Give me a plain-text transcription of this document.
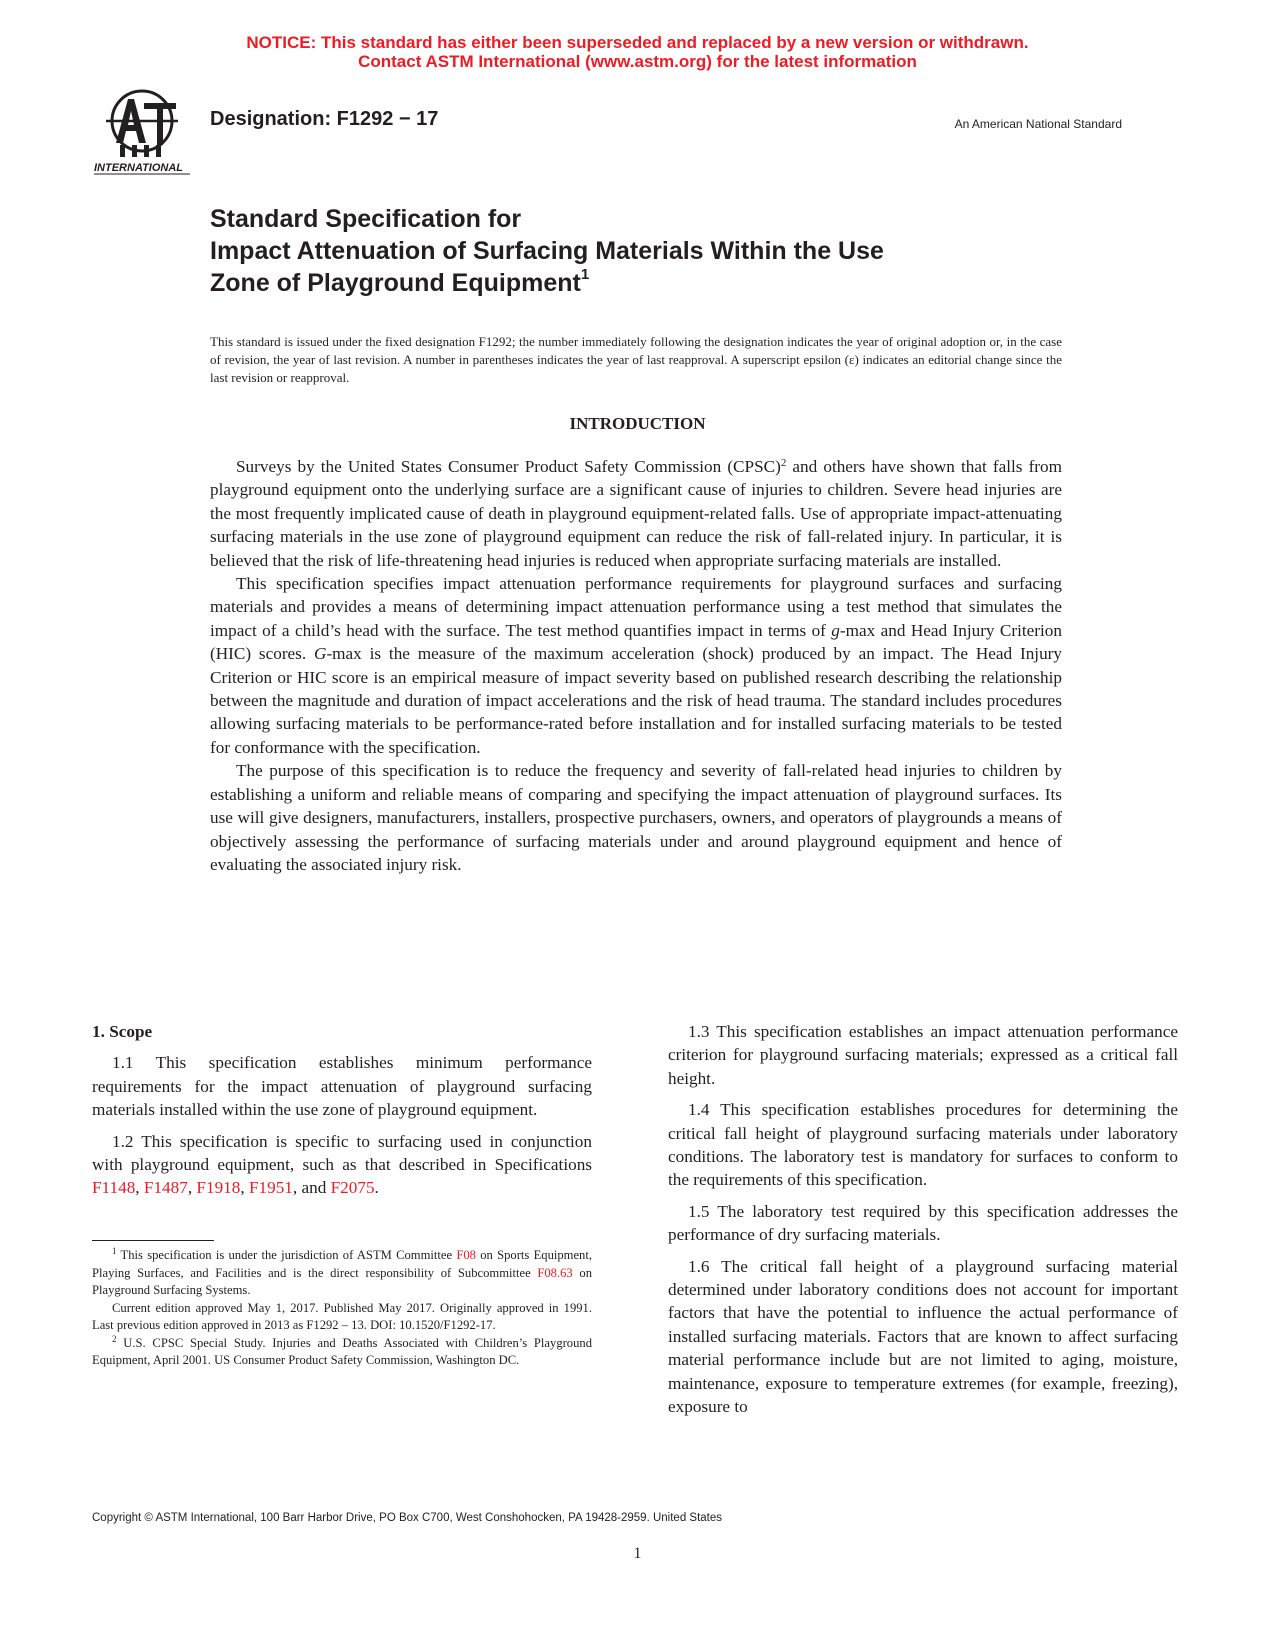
NOTICE: This standard has either been superseded and replaced by a new version or withdrawn.
Contact ASTM International (www.astm.org) for the latest information
INTERNATIONAL
Designation: F1292 − 17	An American National Standard
Standard Specification for
Impact Attenuation of Surfacing Materials Within the Use
Zone of Playground Equipment$^1$
This standard is issued under the fixed designation F1292; the number immediately following the designation indicates the year of original adoption or, in the case of revision, the year of last revision. A number in parentheses indicates the year of last reapproval. A superscript epsilon (ε) indicates an editorial change since the last revision or reapproval.
INTRODUCTION

Surveys by the United States Consumer Product Safety Commission (CPSC)$^2$ and others have shown that falls from playground equipment onto the underlying surface are a significant cause of injuries to children. Severe head injuries are the most frequently implicated cause of death in playground equipment-related falls. Use of appropriate impact-attenuating surfacing materials in the use zone of playground equipment can reduce the risk of fall-related injury. In particular, it is believed that the risk of life-threatening head injuries is reduced when appropriate surfacing materials are installed.

This specification specifies impact attenuation performance requirements for playground surfaces and surfacing materials and provides a means of determining impact attenuation performance using a test method that simulates the impact of a child’s head with the surface. The test method quantifies impact in terms of g-max and Head Injury Criterion (HIC) scores. G-max is the measure of the maximum acceleration (shock) produced by an impact. The Head Injury Criterion or HIC score is an empirical measure of impact severity based on published research describing the relationship between the magnitude and duration of impact accelerations and the risk of head trauma. The standard includes procedures allowing surfacing materials to be performance-rated before installation and for installed surfacing materials to be tested for conformance with the specification.

The purpose of this specification is to reduce the frequency and severity of fall-related head injuries to children by establishing a uniform and reliable means of comparing and specifying the impact attenuation of playground surfaces. Its use will give designers, manufacturers, installers, prospective purchasers, owners, and operators of playgrounds a means of objectively assessing the performance of surfacing materials under and around playground equipment and hence of evaluating the associated injury risk.

1. Scope

1.1 This specification establishes minimum performance requirements for the impact attenuation of playground surfacing materials installed within the use zone of playground equipment.

1.2 This specification is specific to surfacing used in conjunction with playground equipment, such as that described in Specifications F1148, F1487, F1918, F1951, and F2075.

1.3 This specification establishes an impact attenuation performance criterion for playground surfacing materials; expressed as a critical fall height.

1.4 This specification establishes procedures for determining the critical fall height of playground surfacing materials under laboratory conditions. The laboratory test is mandatory for surfaces to conform to the requirements of this specification.

1.5 The laboratory test required by this specification addresses the performance of dry surfacing materials.

1.6 The critical fall height of a playground surfacing material determined under laboratory conditions does not account for important factors that have the potential to influence the actual performance of installed surfacing materials. Factors that are known to affect surfacing material performance include but are not limited to aging, moisture, maintenance, exposure to temperature extremes (for example, freezing), exposure to

$^1$ This specification is under the jurisdiction of ASTM Committee F08 on Sports Equipment, Playing Surfaces, and Facilities and is the direct responsibility of Subcommittee F08.63 on Playground Surfacing Systems.

Current edition approved May 1, 2017. Published May 2017. Originally approved in 1991. Last previous edition approved in 2013 as F1292 – 13. DOI: 10.1520/F1292-17.

$^2$ U.S. CPSC Special Study. Injuries and Deaths Associated with Children’s Playground Equipment, April 2001. US Consumer Product Safety Commission, Washington DC.

Copyright © ASTM International, 100 Barr Harbor Drive, PO Box C700, West Conshohocken, PA 19428-2959. United States
1
